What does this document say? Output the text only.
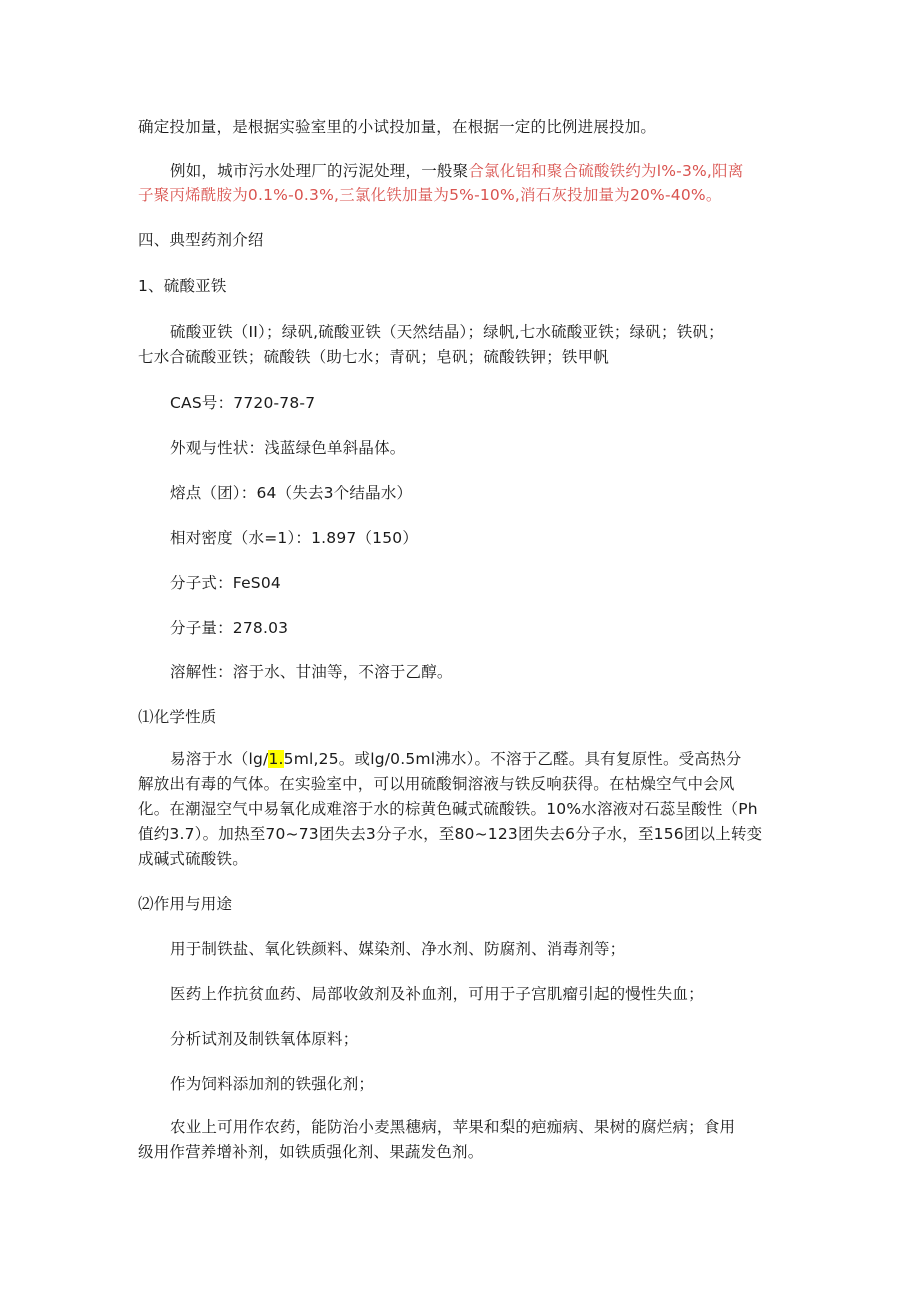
确定投加量，是根据实验室里的小试投加量，在根据一定的比例进展投加。
例如，城市污水处理厂的污泥处理，一般聚合氯化铝和聚合硫酸铁约为l%-3%,阳离
子聚丙烯酰胺为0.1%-0.3%,三氯化铁加量为5%-10%,消石灰投加量为20%-40%。
四、典型药剂介绍
1、硫酸亚铁
硫酸亚铁（II）；绿矾,硫酸亚铁（天然结晶）；绿帆,七水硫酸亚铁；绿矾；铁矾；
七水合硫酸亚铁；硫酸铁（助七水；青矾；皂矾；硫酸铁钾；铁甲帆
CAS号：7720-78-7
外观与性状：浅蓝绿色单斜晶体。
熔点（团）：64（失去3个结晶水）
相对密度（水=1）：1.897（150）
分子式：FeS04
分子量：278.03
溶解性：溶于水、甘油等，不溶于乙醇。
⑴化学性质
易溶于水（lg/1.5ml,25。或lg/0.5ml沸水）。不溶于乙醛。具有复原性。受高热分
解放出有毒的气体。在实验室中，可以用硫酸铜溶液与铁反响获得。在枯燥空气中会风
化。在潮湿空气中易氧化成难溶于水的棕黄色碱式硫酸铁。10%水溶液对石蕊呈酸性（Ph
值约3.7）。加热至70~73团失去3分子水，至80~123团失去6分子水，至156团以上转变
成碱式硫酸铁。
⑵作用与用途
用于制铁盐、氧化铁颜料、媒染剂、净水剂、防腐剂、消毒剂等；
医药上作抗贫血药、局部收敛剂及补血剂，可用于子宫肌瘤引起的慢性失血；
分析试剂及制铁氧体原料；
作为饲料添加剂的铁强化剂；
农业上可用作农药，能防治小麦黑穗病，苹果和梨的疤痂病、果树的腐烂病；食用
级用作营养增补剂，如铁质强化剂、果蔬发色剂。
